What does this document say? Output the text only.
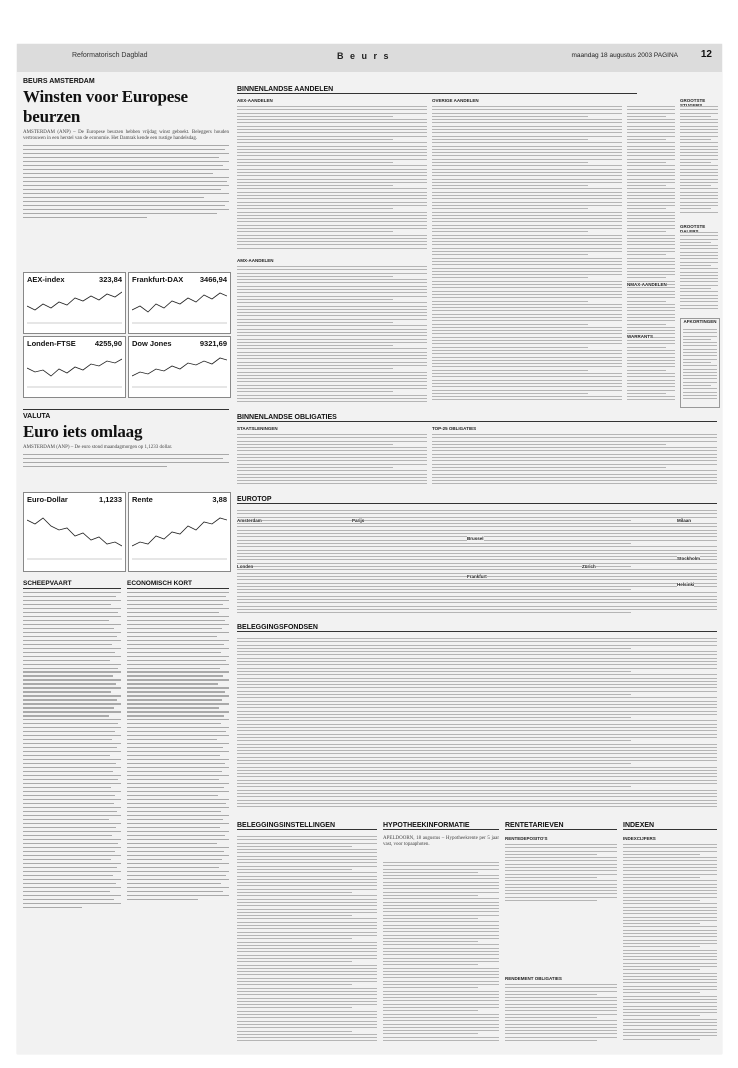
Reformatorisch Dagblad	B e u r s	maandag 18 augustus 2003 PAGINA 12
BEURS AMSTERDAM
Winsten voor Europese beurzen

AMSTERDAM (ANP) – De Europese beurzen hebben vrijdag winst geboekt. Beleggers houden vertrouwen in een herstel van de economie. Het Damrak kende een rustige handelsdag.

AEX-index	323,84 Frankfurt-DAX 3466,94
Londen-FTSE	4255,90 Dow Jones	9321,69
VALUTA
Euro iets omlaag

AMSTERDAM (ANP) – De euro stond maandagmorgen op 1,1233 dollar.

Euro-Dollar	1,1233 Rente	3,88
SCHEEPVAART	ECONOMISCH KORT
BINNENLANDSE AANDELEN
AEX-AANDELEN
AMX-AANDELEN
OVERIGE AANDELEN
NMAX-AANDELEN
WARRANTS
GROOTSTE
GROOTSTE
AFKORTINGEN
BINNENLANDSE OBLIGATIES
STAATSLENINGEN	TOP-25 OBLIGATIES
EUROTOP
Amsterdam
Londen
Parijs
Brussel
Frankfurt
Zürich
Milaan
Stockholm
Helsinki
BELEGGINGSFONDSEN
BELEGGINGSINSTELLINGEN	HYPOTHEEKINFORMATIE

APELDOORN, 18 augustus – Hypotheekrente per 5 jaar vast, voor topaaphoten.

RENTETARIEVEN
RENTEDEPOSITO'S
RENDEMENT OBLIGATIES
INDEXEN
INDEXCIJFERS
